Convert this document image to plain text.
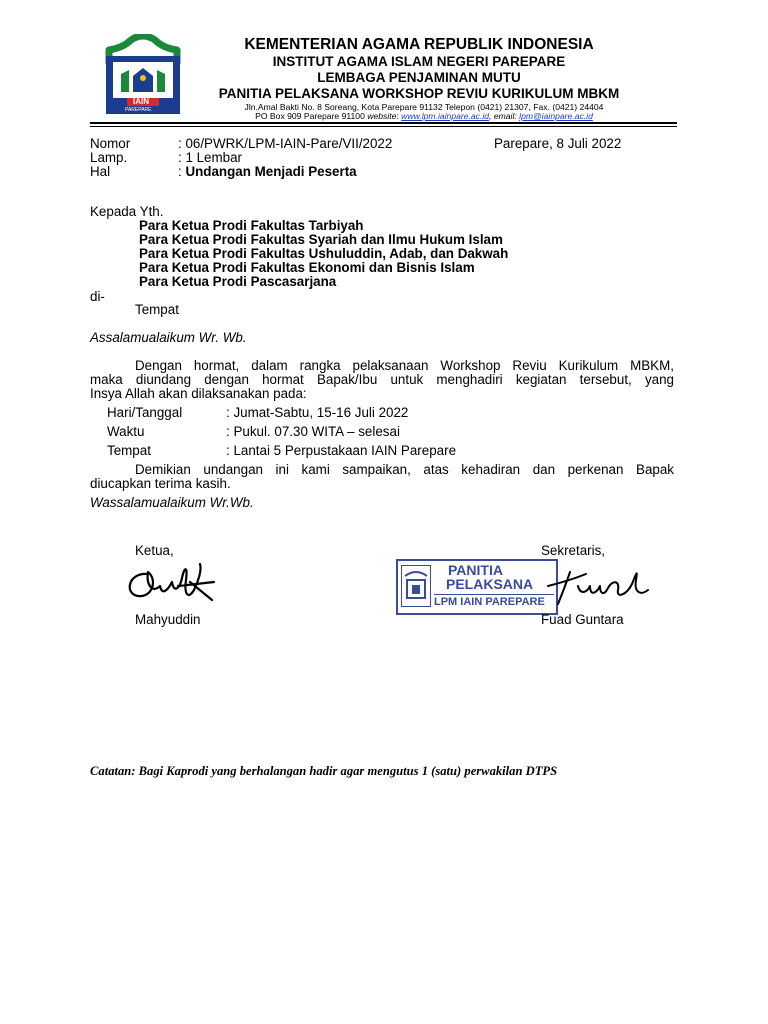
IAIN
PAREPARE
KEMENTERIAN AGAMA REPUBLIK INDONESIA
INSTITUT AGAMA ISLAM NEGERI PAREPARE
LEMBAGA PENJAMINAN MUTU
PANITIA PELAKSANA WORKSHOP REVIU KURIKULUM MBKM
Jln.Amal Bakti No. 8 Soreang, Kota Parepare 91132 Telepon (0421) 21307, Fax. (0421) 24404
PO Box 909 Parepare 91100 website: www.lpm.iainpare.ac.id, email: lpm@iainpare.ac.id
Nomor	: 06/PWRK/LPM-IAIN-Pare/VII/2022	Parepare, 8 Juli 2022
Lamp.	: 1 Lembar
Hal	: Undangan Menjadi Peserta
Kepada Yth.
Para Ketua Prodi Fakultas Tarbiyah
Para Ketua Prodi Fakultas Syariah dan Ilmu Hukum Islam
Para Ketua Prodi Fakultas Ushuluddin, Adab, dan Dakwah
Para Ketua Prodi Fakultas Ekonomi dan Bisnis Islam
Para Ketua Prodi Pascasarjana
di-
Tempat
Assalamualaikum Wr. Wb.
Dengan hormat, dalam rangka pelaksanaan Workshop Reviu Kurikulum MBKM,
maka diundang dengan hormat Bapak/Ibu untuk menghadiri kegiatan tersebut, yang
Insya Allah akan dilaksanakan pada:
Hari/Tanggal	: Jumat-Sabtu, 15-16 Juli 2022
Waktu	: Pukul. 07.30 WITA – selesai
Tempat	: Lantai 5 Perpustakaan IAIN Parepare
Demikian undangan ini kami sampaikan, atas kehadiran dan perkenan Bapak
diucapkan terima kasih.
Wassalamualaikum Wr.Wb.
Ketua,
Mahyuddin
Sekretaris,
PANITIA
PELAKSANA
LPM IAIN PAREPARE
Fuad Guntara
Catatan: Bagi Kaprodi yang berhalangan hadir agar mengutus 1 (satu) perwakilan DTPS
